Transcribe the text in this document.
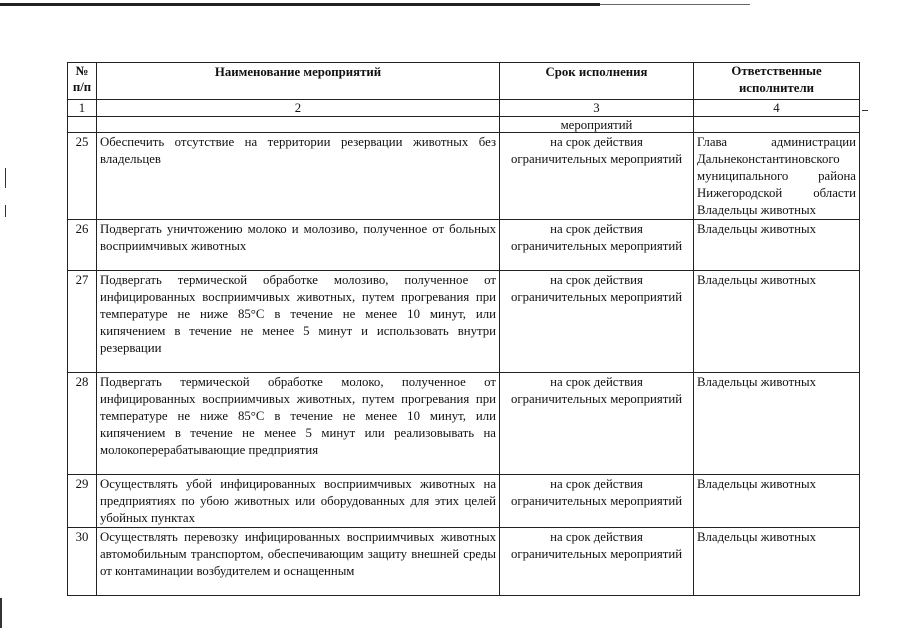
№ п/п	Наименование мероприятий	Срок исполнения	Ответственные исполнители
1	2	3	4
		мероприятий	
25	Обеспечить отсутствие на территории резервации животных без владельцев	на срок действия ограничительных мероприятий	Глава администрации Дальнеконстантиновского муниципального района Нижегородской области Владельцы животных
26	Подвергать уничтожению молоко и молозиво, полученное от больных восприимчивых животных	на срок действия ограничительных мероприятий	Владельцы животных
27	Подвергать термической обработке молозиво, полученное от инфицированных восприимчивых животных, путем прогревания при температуре не ниже 85°С в течение не менее 10 минут, или кипячением в течение не менее 5 минут и использовать внутри резервации	на срок действия ограничительных мероприятий	Владельцы животных
28	Подвергать термической обработке молоко, полученное от инфицированных восприимчивых животных, путем прогревания при температуре не ниже 85°С в течение не менее 10 минут, или кипячением в течение не менее 5 минут или реализовывать на молокоперерабатывающие предприятия	на срок действия ограничительных мероприятий	Владельцы животных
29	Осуществлять убой инфицированных восприимчивых животных на предприятиях по убою животных или оборудованных для этих целей убойных пунктах	на срок действия ограничительных мероприятий	Владельцы животных
30	Осуществлять перевозку инфицированных восприимчивых животных автомобильным транспортом, обеспечивающим защиту внешней среды от контаминации возбудителем и оснащенным	на срок действия ограничительных мероприятий	Владельцы животных
